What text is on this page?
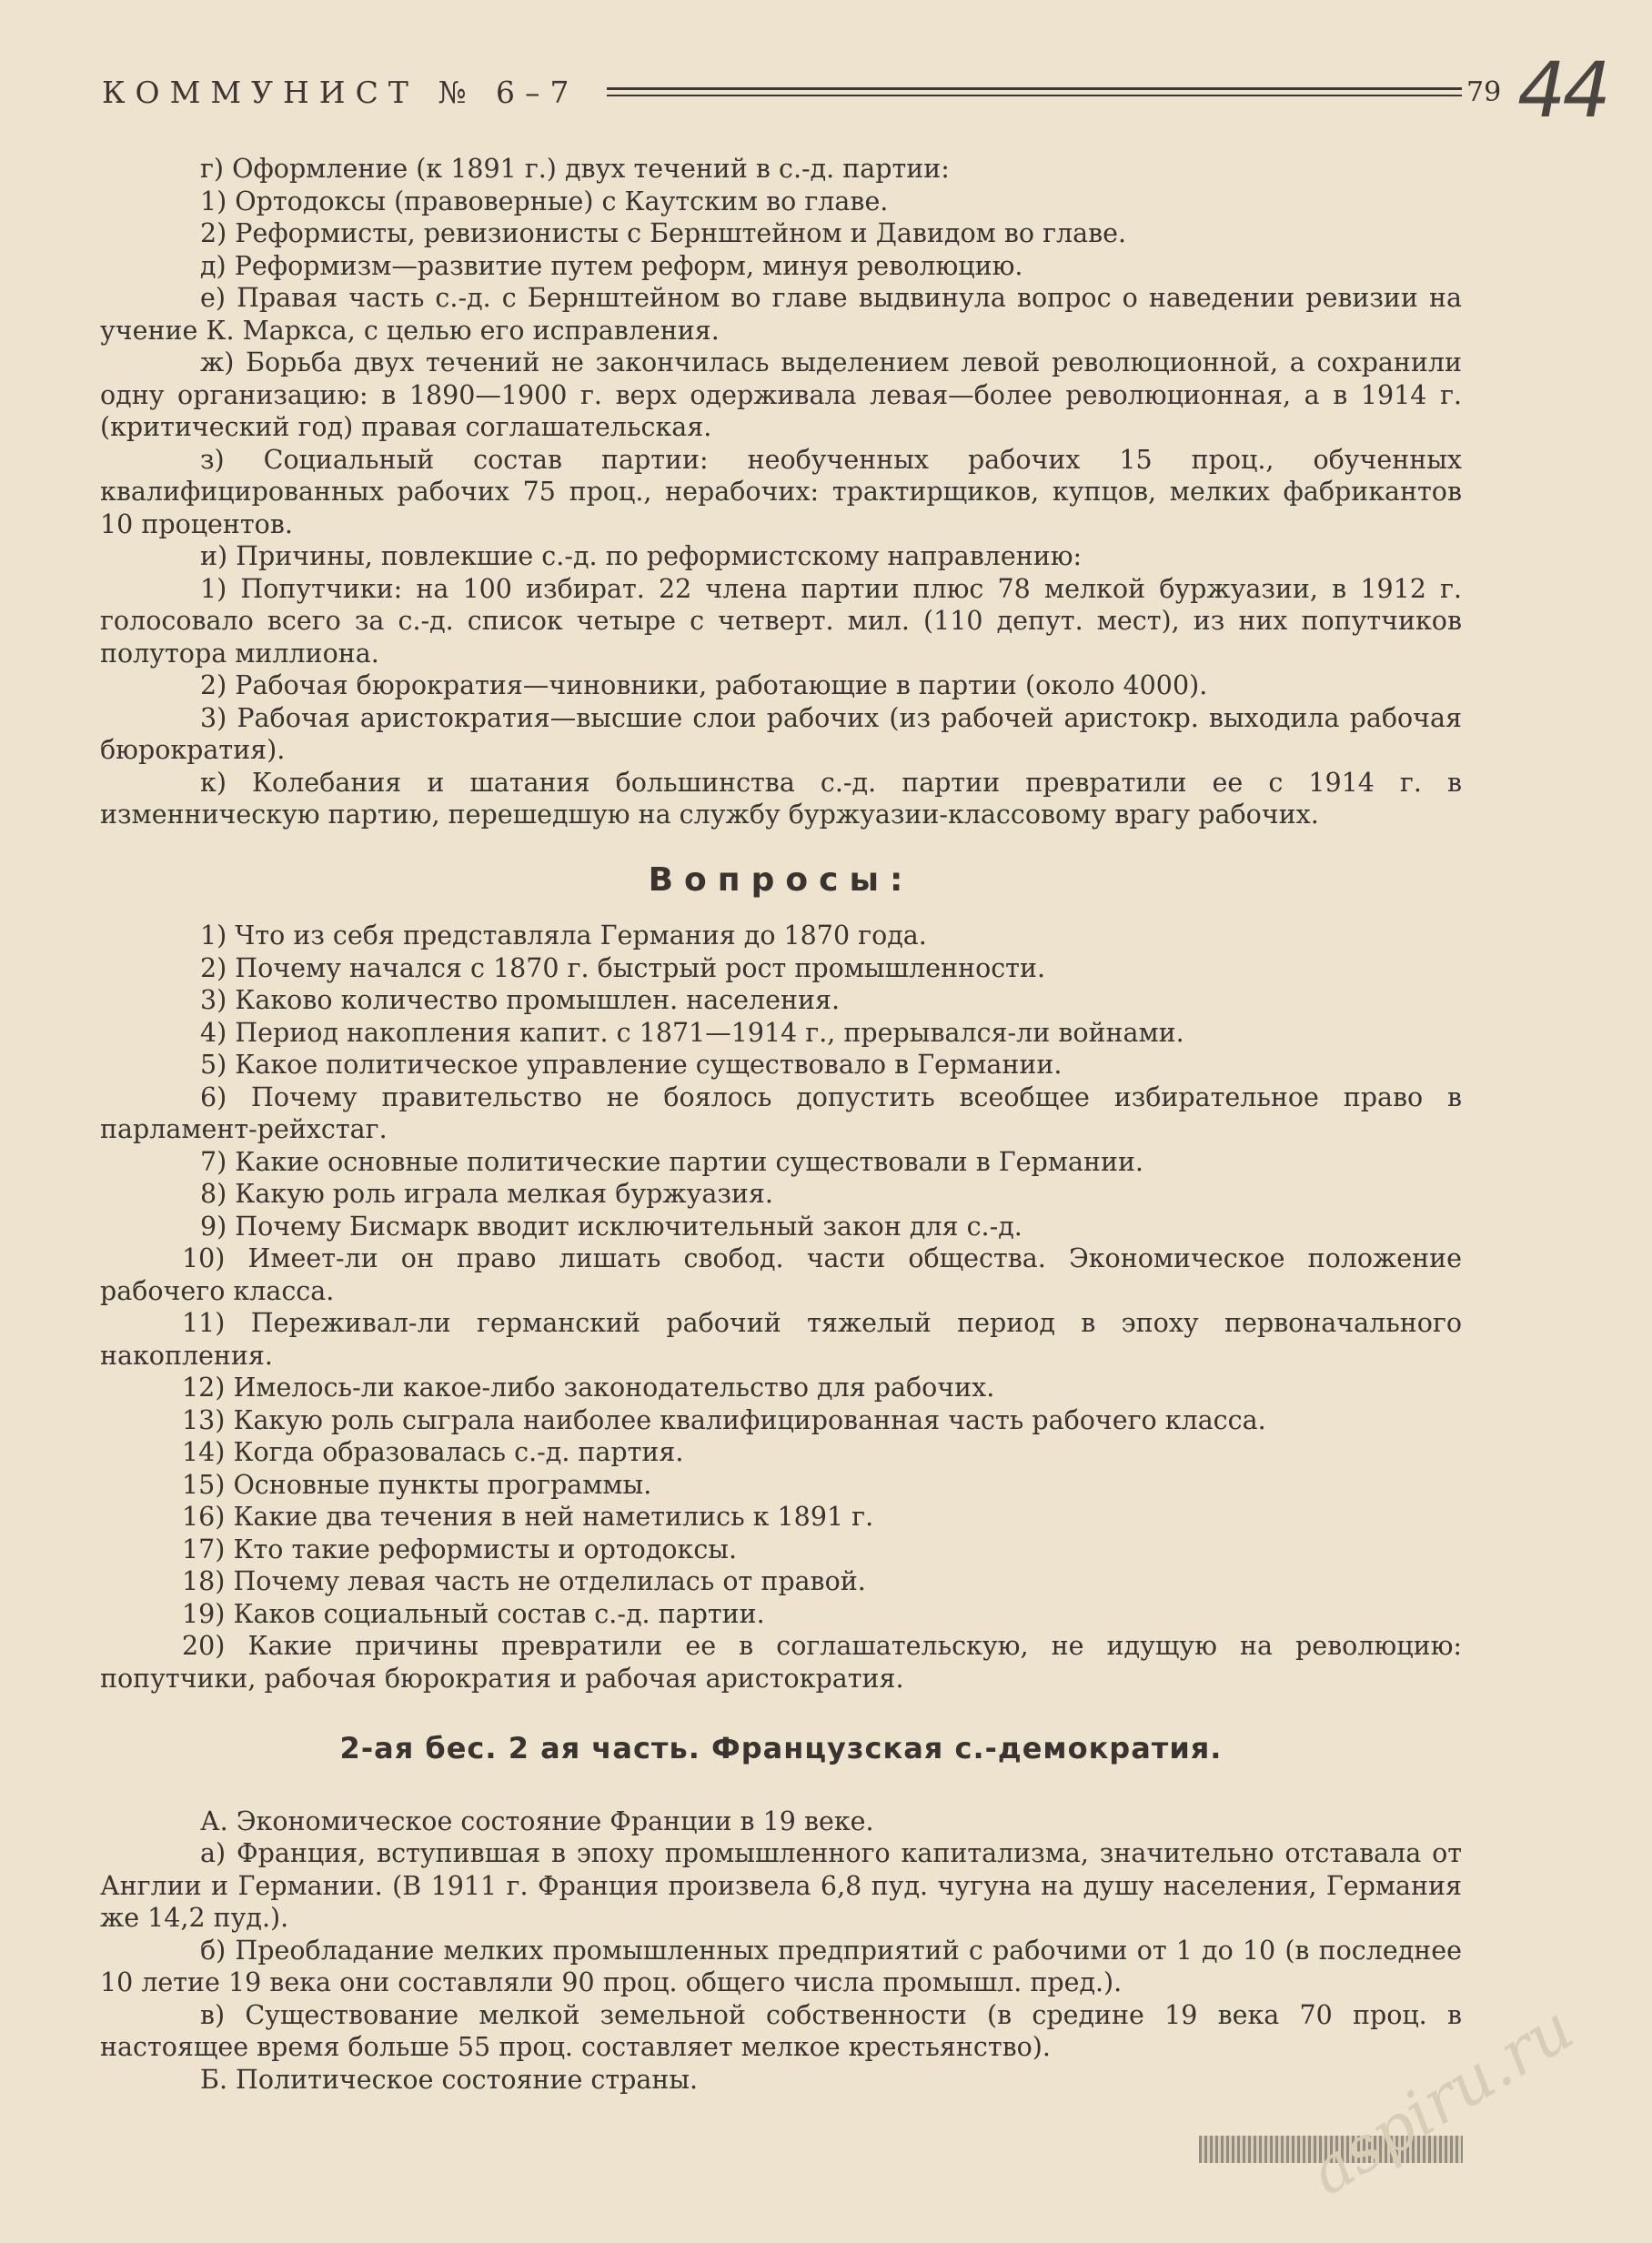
КОММУНИСТ № 6–7	79 44

г) Оформление (к 1891 г.) двух течений в с.-д. партии:

1) Ортодоксы (правоверные) с Каутским во главе.

2) Реформисты, ревизионисты с Бернштейном и Давидом во главе.

д) Реформизм—развитие путем реформ, минуя революцию.

е) Правая часть с.-д. с Бернштейном во главе выдвинула вопрос о наведении ревизии на учение К. Маркса, с целью его исправления.

ж) Борьба двух течений не закончилась выделением левой революционной, а сохранили одну организацию: в 1890—1900 г. верх одерживала левая—более революционная, а в 1914 г. (критический год) правая соглашательская.

з) Социальный состав партии: необученных рабочих 15 проц., обученных квалифицированных рабочих 75 проц., нерабочих: трактирщиков, купцов, мелких фабрикантов 10 процентов.

и) Причины, повлекшие с.-д. по реформистскому направлению:

1) Попутчики: на 100 избират. 22 члена партии плюс 78 мелкой буржуазии, в 1912 г. голосовало всего за с.-д. список четыре с четверт. мил. (110 депут. мест), из них попутчиков полутора миллиона.

2) Рабочая бюрократия—чиновники, работающие в партии (около 4000).

3) Рабочая аристократия—высшие слои рабочих (из рабочей аристокр. выходила рабочая бюрократия).

к) Колебания и шатания большинства с.-д. партии превратили ее с 1914 г. в изменническую партию, перешедшую на службу буржуазии-классовому врагу рабочих.

Вопросы:

1) Что из себя представляла Германия до 1870 года.

2) Почему начался с 1870 г. быстрый рост промышленности.

3) Каково количество промышлен. населения.

4) Период накопления капит. с 1871—1914 г., прерывался-ли войнами.

5) Какое политическое управление существовало в Германии.

6) Почему правительство не боялось допустить всеобщее избирательное право в парламент-рейхстаг.

7) Какие основные политические партии существовали в Германии.

8) Какую роль играла мелкая буржуазия.

9) Почему Бисмарк вводит исключительный закон для с.-д.

10) Имеет-ли он право лишать свобод. части общества. Экономическое положение рабочего класса.

11) Переживал-ли германский рабочий тяжелый период в эпоху первоначального накопления.

12) Имелось-ли какое-либо законодательство для рабочих.

13) Какую роль сыграла наиболее квалифицированная часть рабочего класса.

14) Когда образовалась с.-д. партия.

15) Основные пункты программы.

16) Какие два течения в ней наметились к 1891 г.

17) Кто такие реформисты и ортодоксы.

18) Почему левая часть не отделилась от правой.

19) Каков социальный состав с.-д. партии.

20) Какие причины превратили ее в соглашательскую, не идущую на революцию: попутчики, рабочая бюрократия и рабочая аристократия.

2-ая бес. 2 ая часть. Французская с.-демократия.

А. Экономическое состояние Франции в 19 веке.

а) Франция, вступившая в эпоху промышленного капитализма, значительно отставала от Англии и Германии. (В 1911 г. Франция произвела 6,8 пуд. чугуна на душу населения, Германия же 14,2 пуд.).

б) Преобладание мелких промышленных предприятий с рабочими от 1 до 10 (в последнее 10 летие 19 века они составляли 90 проц. общего числа промышл. пред.).

в) Существование мелкой земельной собственности (в средине 19 века 70 проц. в настоящее время больше 55 проц. составляет мелкое крестьянство).

Б. Политическое состояние страны.	aspiru.ru
